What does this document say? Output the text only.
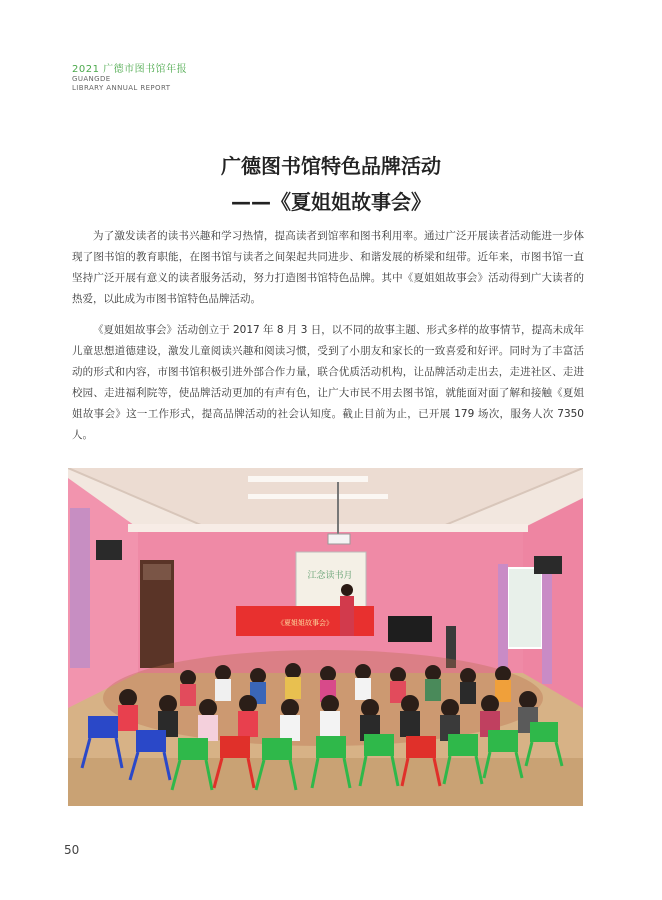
2021 广德市图书馆年报
GUANGDE
LIBRARY ANNUAL REPORT
广德图书馆特色品牌活动
——《夏姐姐故事会》

为了激发读者的读书兴趣和学习热情，提高读者到馆率和图书利用率。通过广泛开展读者活动能进一步体现了图书馆的教育职能，在图书馆与读者之间架起共同进步、和谐发展的桥梁和纽带。近年来，市图书馆一直坚持广泛开展有意义的读者服务活动，努力打造图书馆特色品牌。其中《夏姐姐故事会》活动得到广大读者的热爱，以此成为市图书馆特色品牌活动。

《夏姐姐故事会》活动创立于 2017 年 8 月 3 日，以不同的故事主题、形式多样的故事情节，提高未成年儿童思想道德建设，激发儿童阅读兴趣和阅读习惯，受到了小朋友和家长的一致喜爱和好评。同时为了丰富活动的形式和内容，市图书馆积极引进外部合作力量，联合优质活动机构，让品牌活动走出去，走进社区、走进校园、走进福利院等，使品牌活动更加的有声有色，让广大市民不用去图书馆，就能面对面了解和接触《夏姐姐故事会》这一工作形式，提高品牌活动的社会认知度。截止目前为止，已开展 179 场次，服务人次 7350 人。

江念读书月
《夏姐姐故事会》
50
